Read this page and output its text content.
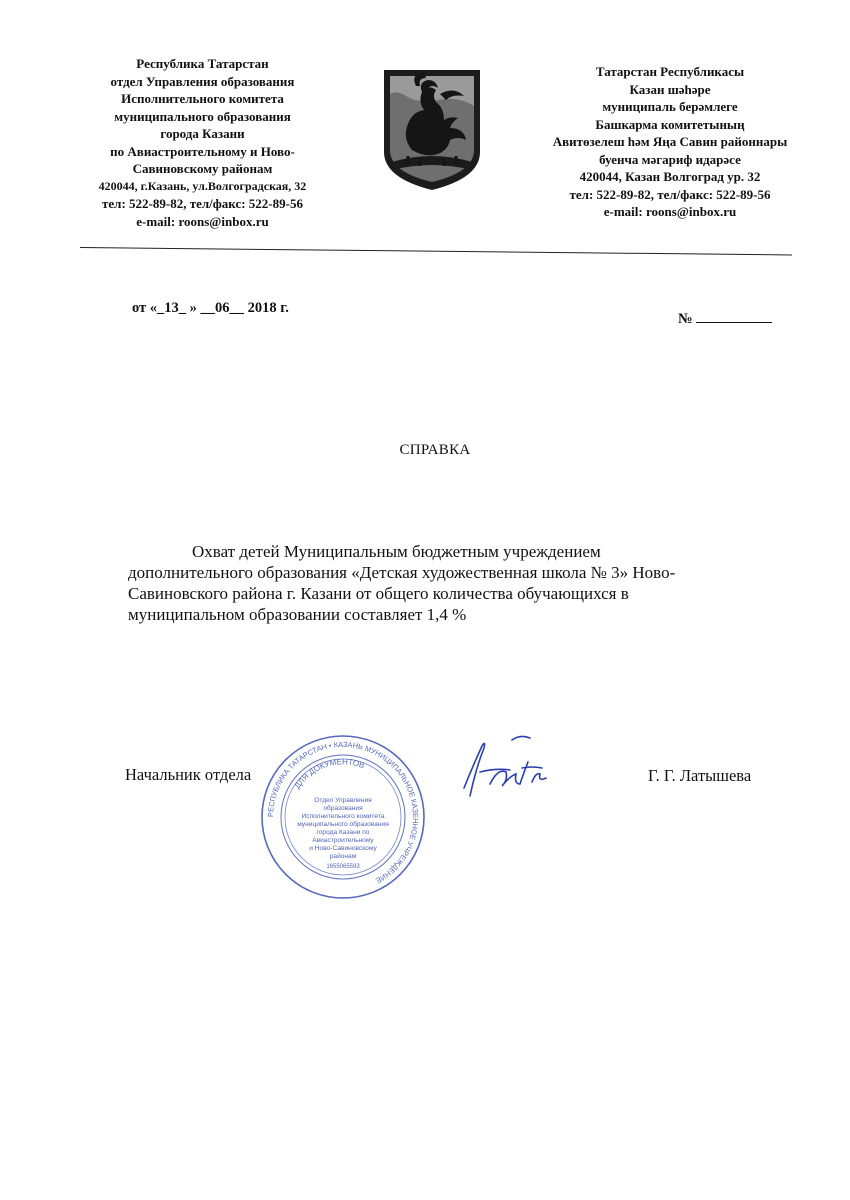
Республика Татарстан
отдел Управления образования
Исполнительного комитета
муниципального образования
города Казани
по Авиастроительному и Ново-
Савиновскому районам
420044, г.Казань, ул.Волгоградская, 32
тел: 522-89-82, тел/факс: 522-89-56
e-mail: roons@inbox.ru
Татарстан Республикасы
Казан шәһәре
муниципаль берәмлеге
Башкарма комитетының
Авитөзелеш һәм Яңа Савин районнары
буенча мәгариф идарәсе
420044, Казан Волгоград ур. 32
тел: 522-89-82, тел/факс: 522-89-56
e-mail: roons@inbox.ru
от «_13_ » __06__ 2018 г.
№
СПРАВКА
Охват детей Муниципальным бюджетным учреждением
дополнительного образования «Детская художественная школа № 3» Ново-
Савиновского района г. Казани от общего количества обучающихся в
муниципальном образовании составляет 1,4 %
РЕСПУБЛИКА ТАТАРСТАН • КАЗАНЬ МУНИЦИПАЛЬНОЕ КАЗЕННОЕ УЧРЕЖДЕНИЕ
ДЛЯ ДОКУМЕНТОВ
Отдел Управления
образования
Исполнительного комитета
муниципального образования
города Казани по
Авиастроительному
и Ново-Савиновскому
районам
1655065593
Начальник отдела	Г. Г. Латышева
